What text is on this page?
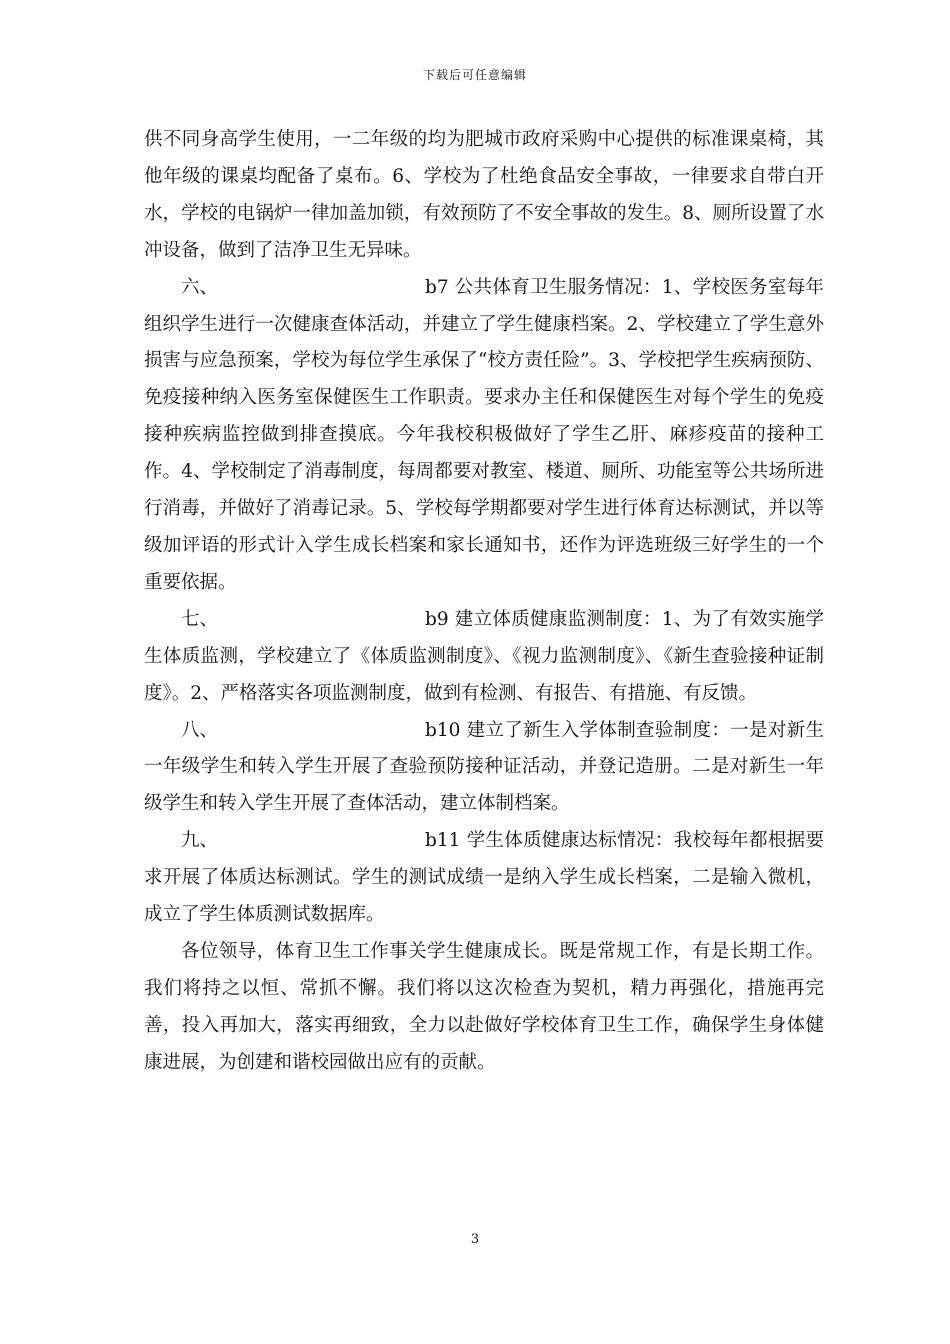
下载后可任意编辑

供不同身高学生使用，一二年级的均为肥城市政府采购中心提供的标准课桌椅，其他年级的课桌均配备了桌布。6、学校为了杜绝食品安全事故，一律要求自带白开水，学校的电锅炉一律加盖加锁，有效预防了不安全事故的发生。8、厕所设置了水冲设备，做到了洁净卫生无异味。

六、	b7 公共体育卫生服务情况：1、学校医务室每年组织学生进行一次健康查体活动，并建立了学生健康档案。2、学校建立了学生意外损害与应急预案，学校为每位学生承保了“校方责任险”。3、学校把学生疾病预防、免疫接种纳入医务室保健医生工作职责。要求办主任和保健医生对每个学生的免疫接种疾病监控做到排查摸底。今年我校积极做好了学生乙肝、麻疹疫苗的接种工作。4、学校制定了消毒制度，每周都要对教室、楼道、厕所、功能室等公共场所进行消毒，并做好了消毒记录。5、学校每学期都要对学生进行体育达标测试，并以等级加评语的形式计入学生成长档案和家长通知书，还作为评选班级三好学生的一个重要依据。

七、	b9 建立体质健康监测制度：1、为了有效实施学生体质监测，学校建立了《体质监测制度》、《视力监测制度》、《新生查验接种证制度》。2、严格落实各项监测制度，做到有检测、有报告、有措施、有反馈。

八、	b10 建立了新生入学体制查验制度：一是对新生一年级学生和转入学生开展了查验预防接种证活动，并登记造册。二是对新生一年级学生和转入学生开展了查体活动，建立体制档案。

九、	b11 学生体质健康达标情况：我校每年都根据要求开展了体质达标测试。学生的测试成绩一是纳入学生成长档案，二是输入微机，成立了学生体质测试数据库。

各位领导，体育卫生工作事关学生健康成长。既是常规工作，有是长期工作。我们将持之以恒、常抓不懈。我们将以这次检查为契机，精力再强化，措施再完善，投入再加大，落实再细致，全力以赴做好学校体育卫生工作，确保学生身体健康进展，为创建和谐校园做出应有的贡献。

3
